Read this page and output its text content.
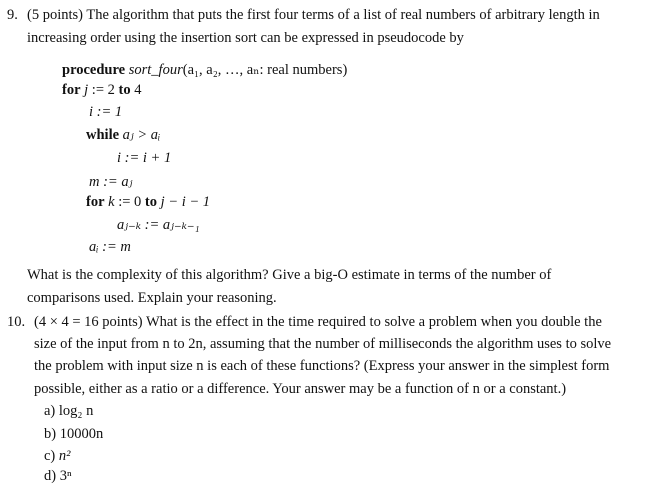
9. (5 points) The algorithm that puts the first four terms of a list of real numbers of arbitrary length in
increasing order using the insertion sort can be expressed in pseudocode by
procedure sort_four(a₁, a₂, …, aₙ: real numbers)
for j := 2 to 4
i := 1
while aⱼ > aᵢ
i := i + 1
m := aⱼ
for k := 0 to j − i − 1
aⱼ₋ₖ := aⱼ₋ₖ₋₁
aᵢ := m
What is the complexity of this algorithm? Give a big-O estimate in terms of the number of
comparisons used. Explain your reasoning.
10. (4 × 4 = 16 points) What is the effect in the time required to solve a problem when you double the
size of the input from n to 2n, assuming that the number of milliseconds the algorithm uses to solve
the problem with input size n is each of these functions? (Express your answer in the simplest form
possible, either as a ratio or a difference. Your answer may be a function of n or a constant.)
a) log₂ n
b) 10000n
c) n²
d) 3ⁿ
